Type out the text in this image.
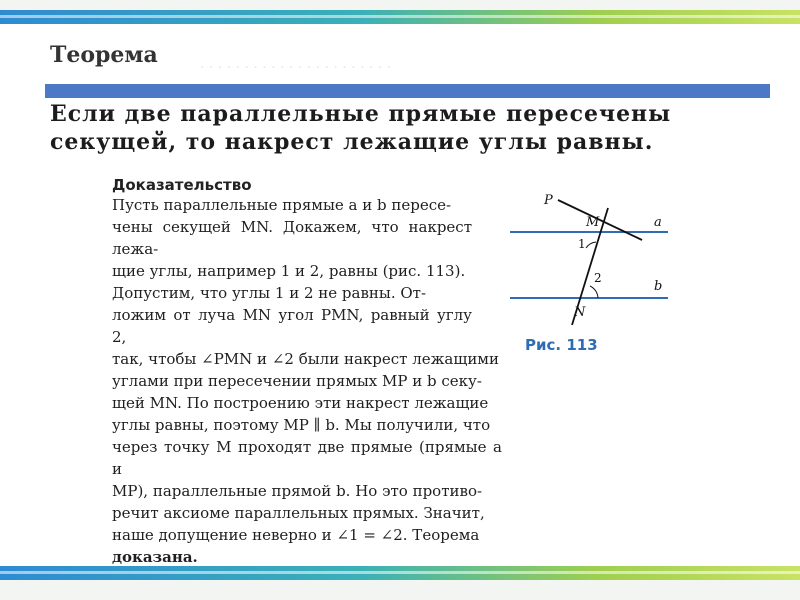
· · · · · · · · · · · · · · · · · · · · · ·
Теорема
Если две параллельные прямые пересечены
секущей, то накрест лежащие углы равны.
Доказательство

Пусть параллельные прямые a и b пересе-

чены секущей MN. Докажем, что накрест лежа-

щие углы, например 1 и 2, равны (рис. 113).

Допустим, что углы 1 и 2 не равны. От-

ложим от луча MN угол PMN, равный углу 2,

так, чтобы ∠PMN и ∠2 были накрест лежащими

углами при пересечении прямых MP и b секу-

щей MN. По построению эти накрест лежащие

углы равны, поэтому MP ∥ b. Мы получили, что

через точку M проходят две прямые (прямые a и

MP), параллельные прямой b. Но это противо-

речит аксиоме параллельных прямых. Значит,

наше допущение неверно и ∠1 = ∠2. Теорема

доказана.

P
M
N
a
b
1
2
Рис. 113
